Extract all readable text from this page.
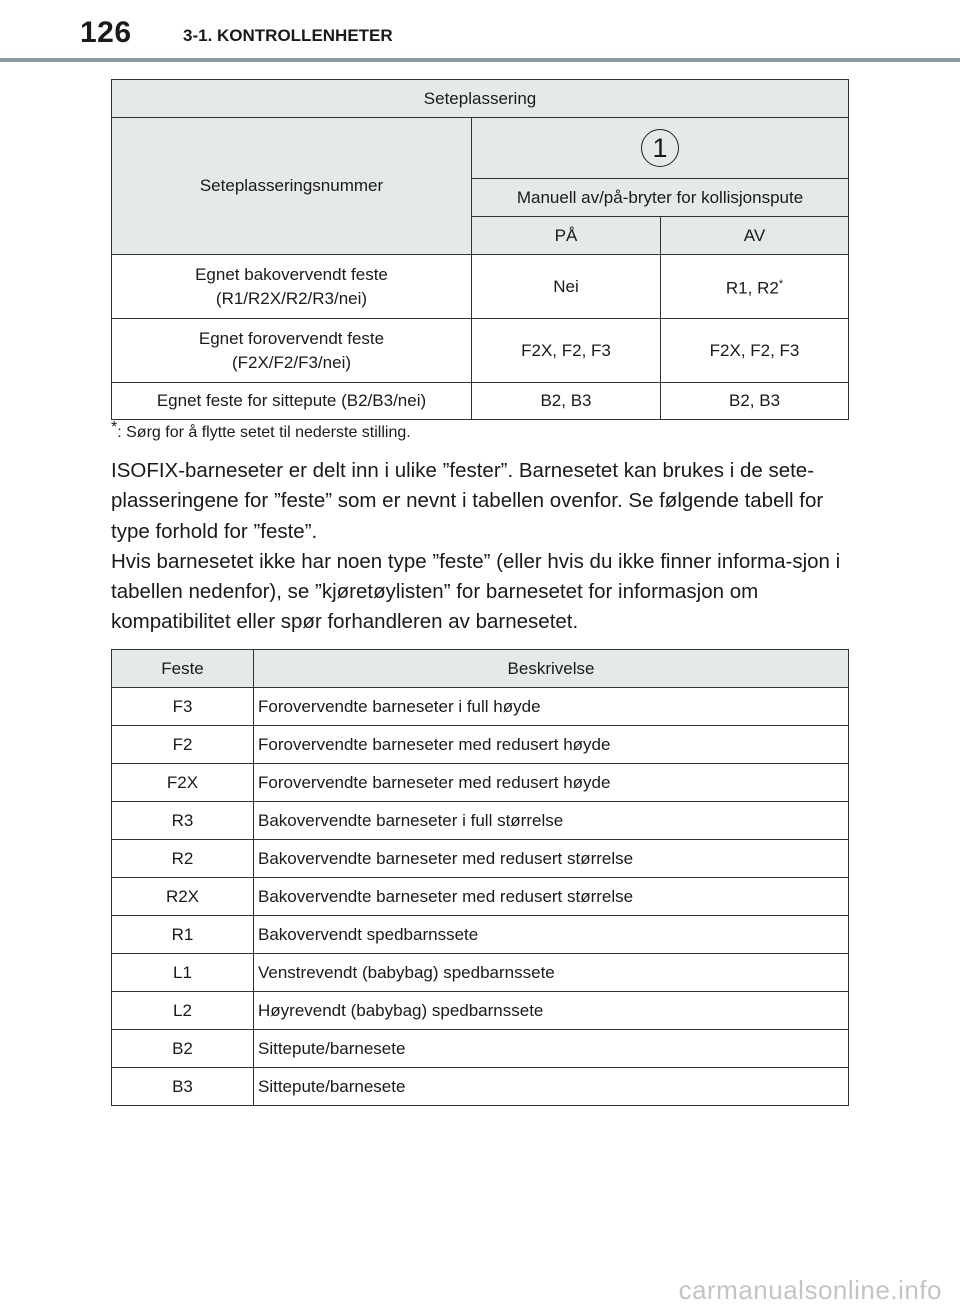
126	3-1. KONTROLLENHETER
Seteplassering		
Seteplasseringsnummer	1	
	Manuell av/på-bryter for kollisjonspute	
	PÅ	AV
Egnet bakovervendt feste
(R1/R2X/R2/R3/nei)	Nei	R1, R2*
Egnet forovervendt feste
(F2X/F2/F3/nei)	F2X, F2, F3	F2X, F2, F3
Egnet feste for sittepute (B2/B3/nei)	B2, B3	B2, B3
*: Sørg for å flytte setet til nederste stilling.

ISOFIX-barneseter er delt inn i ulike ”fester”. Barnesetet kan brukes i de sete-plasseringene for ”feste” som er nevnt i tabellen ovenfor. Se følgende tabell for type forhold for ”feste”.

Hvis barnesetet ikke har noen type ”feste” (eller hvis du ikke finner informa-sjon i tabellen nedenfor), se ”kjøretøylisten” for barnesetet for informasjon om kompatibilitet eller spør forhandleren av barnesetet.

Feste	Beskrivelse
F3	Forovervendte barneseter i full høyde
F2	Forovervendte barneseter med redusert høyde
F2X	Forovervendte barneseter med redusert høyde
R3	Bakovervendte barneseter i full størrelse
R2	Bakovervendte barneseter med redusert størrelse
R2X	Bakovervendte barneseter med redusert størrelse
R1	Bakovervendt spedbarnssete
L1	Venstrevendt (babybag) spedbarnssete
L2	Høyrevendt (babybag) spedbarnssete
B2	Sittepute/barnesete
B3	Sittepute/barnesete
carmanualsonline.info
